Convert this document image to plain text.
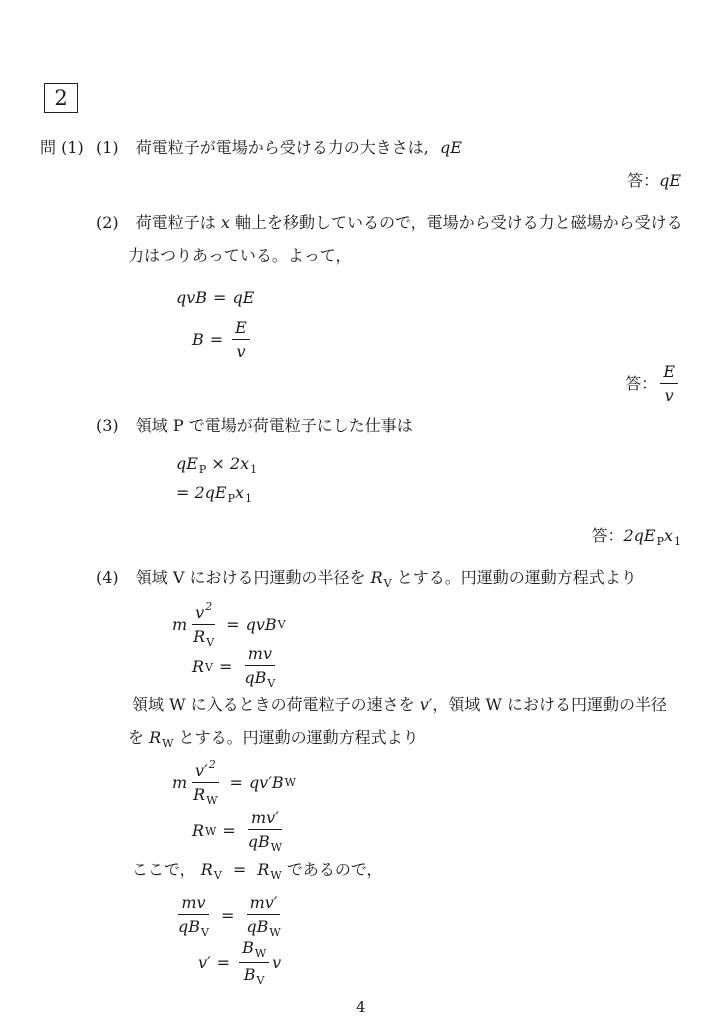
2
問 (1) (1) 荷電粒子が電場から受ける力の大きさは, qE
答：qE
(2) 荷電粒子は x 軸上を移動しているので，電場から受ける力と磁場から受ける
力はつりあっている。よって，
qvB = qE
$B = \frac{E}{v}$
答： $\frac{E}{v}$
(3) 領域 P で電場が荷電粒子にした仕事は
$qE_P \times 2x_1$
= $2qE_Px_1$
答：$2qE_Px_1$
(4) 領域 V における円運動の半径を $R_V$ とする。円運動の運動方程式より
m $\frac{v^2}{R_V}$ = qvB V
R $V = \frac{mv}{qB_V}$
領域 W に入るときの荷電粒子の速さを v′，領域 W における円運動の半径
を $R_W$ とする。円運動の運動方程式より
m $\frac{v'^2}{R_W} = qv'B$ W
R $W = \frac{mv'}{qB_W}$
ここで， $R_V = R_W$ であるので，
$\frac{mv}{qB_V} = \frac{mv'}{qB_W}$
$v' = \frac{B_W}{B_V}$ v
4
